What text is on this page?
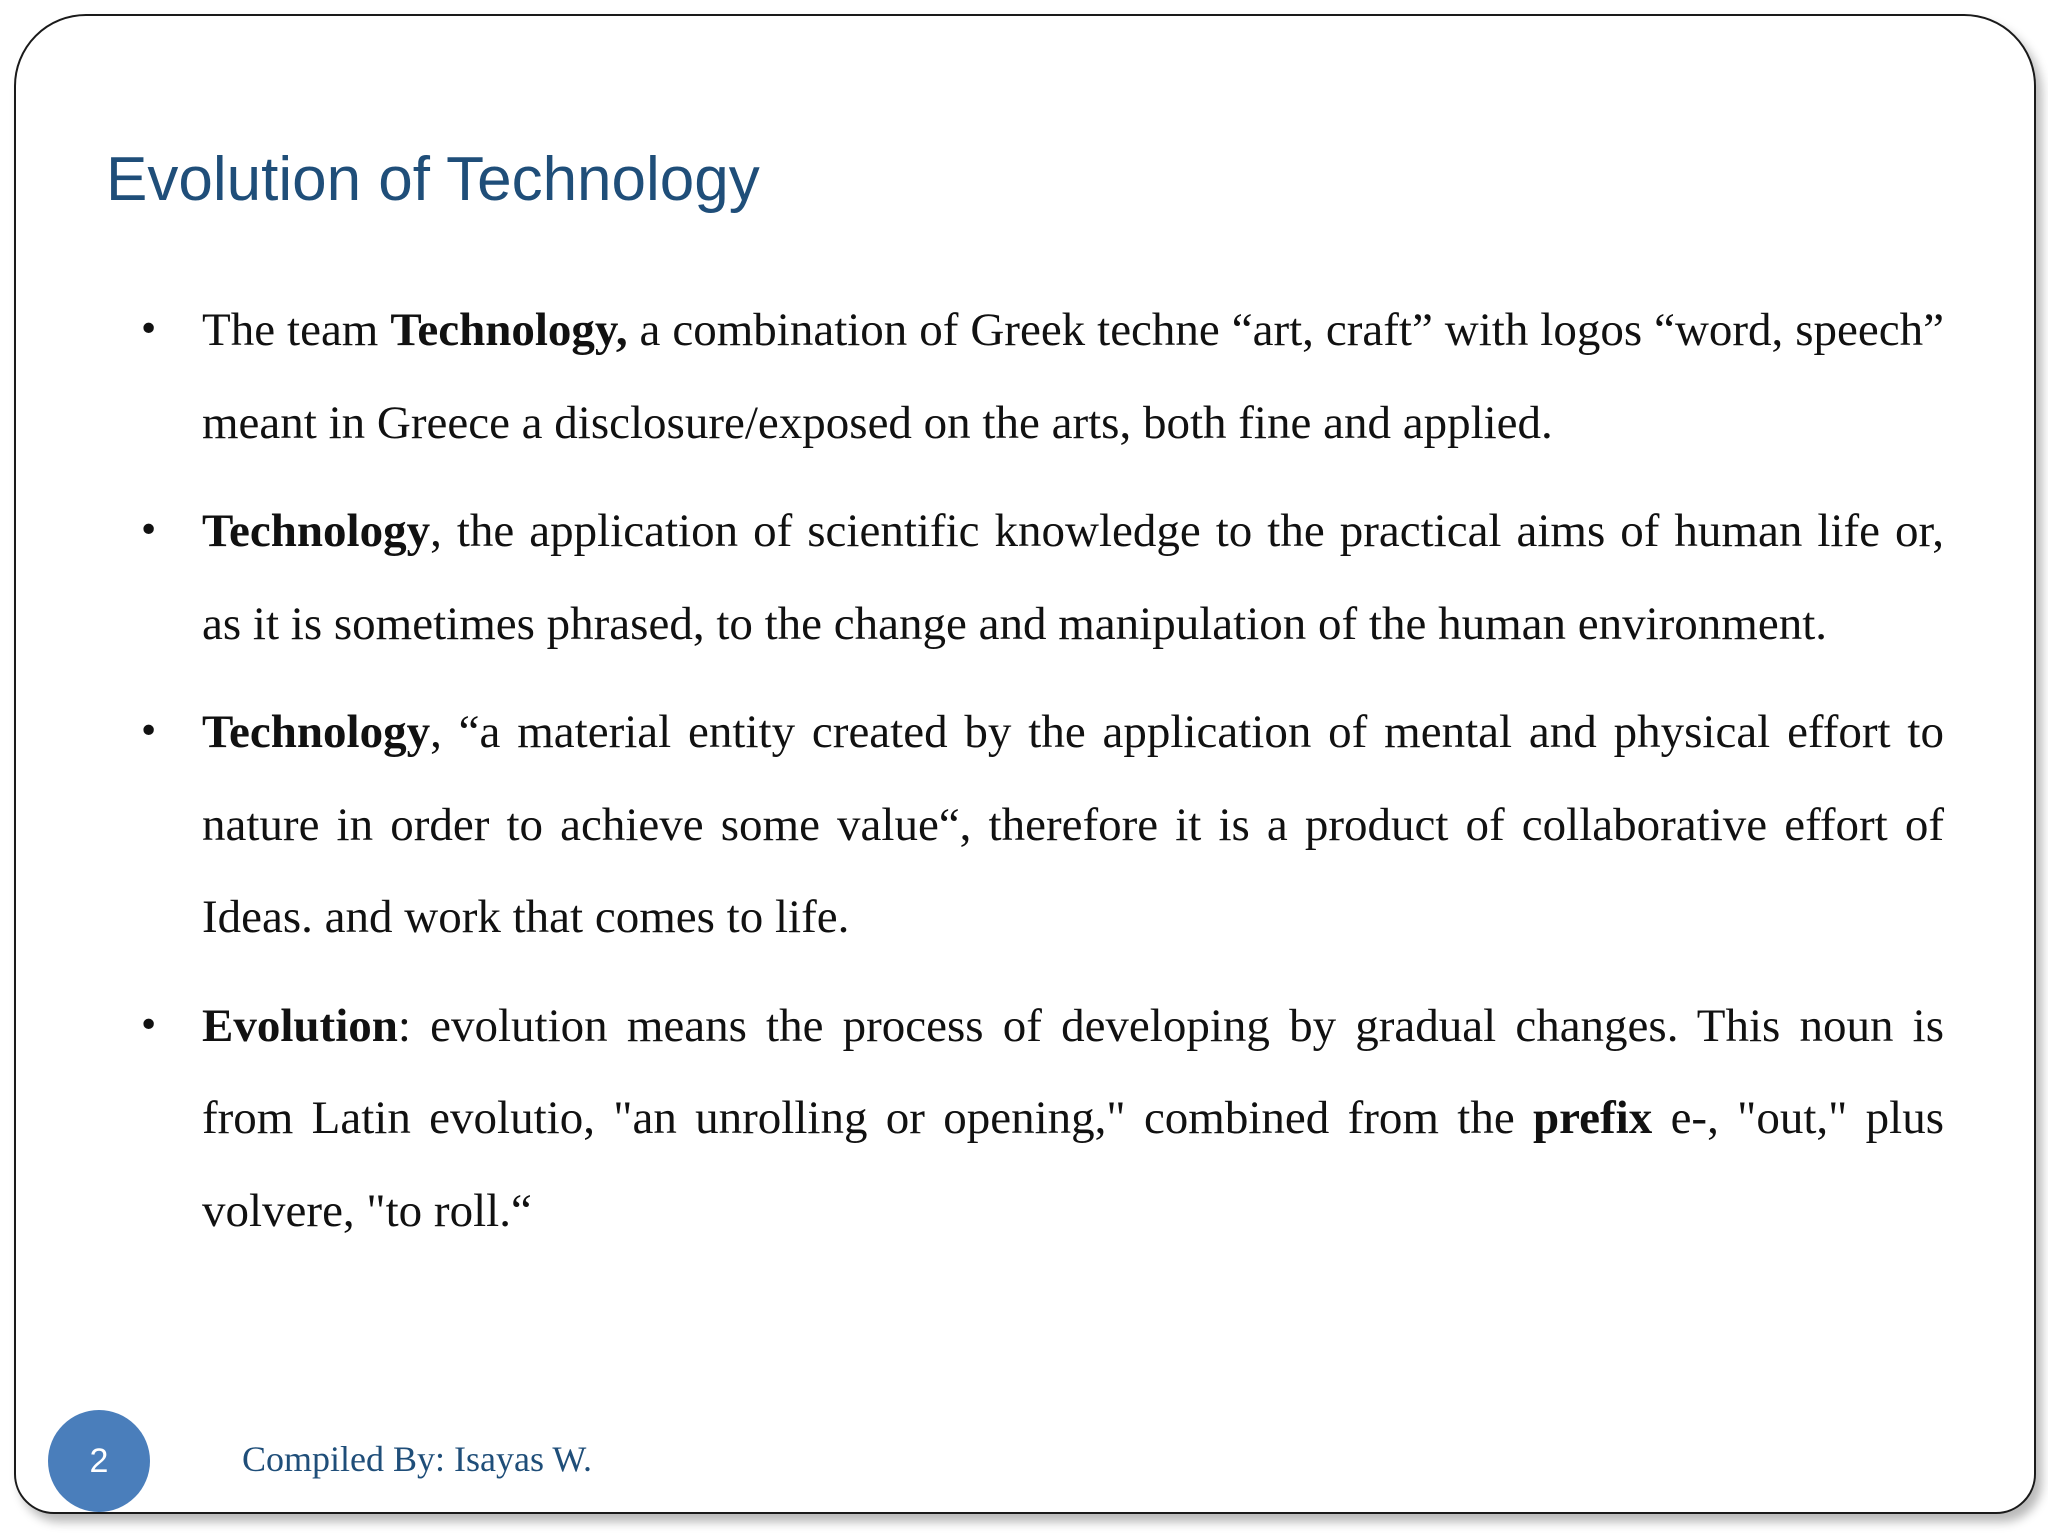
Evolution of Technology
•
The team Technology, a combination of Greek techne “art, craft” with logos “word, speech” meant in Greece a disclosure/exposed on the arts, both fine and applied.
•
Technology, the application of scientific knowledge to the practical aims of human life or, as it is sometimes phrased, to the change and manipulation of the human environment.
•
Technology, “a material entity created by the application of mental and physical effort to nature in order to achieve some value“, therefore it is a product of collaborative effort of Ideas. and work that comes to life.
•
Evolution: evolution means the process of developing by gradual changes. This noun is from Latin evolutio, "an unrolling or opening," combined from the prefix e-, "out," plus volvere, "to roll.“
2	Compiled By: Isayas W.
